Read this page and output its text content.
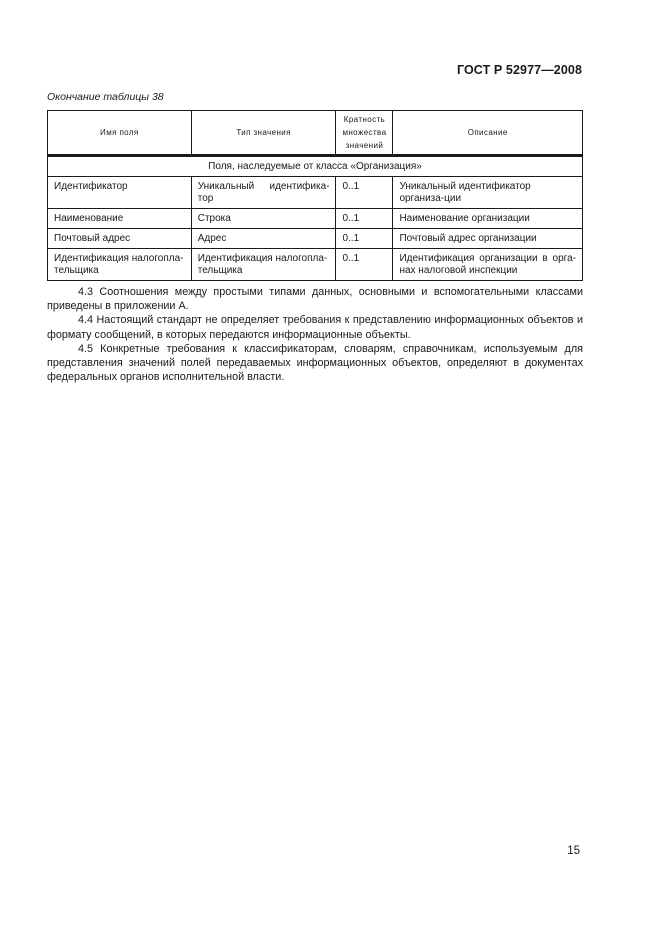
ГОСТ Р 52977—2008
Окончание таблицы 38
Имя поля	Тип значения	Кратность множества значений	Описание

Поля, наследуемые от класса «Организация»			
Идентификатор	Уникальный идентифика-тор	0..1	Уникальный идентификатор организа-ции
Наименование	Строка	0..1	Наименование организации
Почтовый адрес	Адрес	0..1	Почтовый адрес организации
Идентификация налогопла-тельщика	Идентификация налогопла-тельщика	0..1	Идентификация организации в орга-нах налоговой инспекции

4.3 Соотношения между простыми типами данных, основными и вспомогательными классами приведены в приложении А.

4.4 Настоящий стандарт не определяет требования к представлению информационных объектов и формату сообщений, в которых передаются информационные объекты.

4.5 Конкретные требования к классификаторам, словарям, справочникам, используемым для представления значений полей передаваемых информационных объектов, определяют в документах федеральных органов исполнительной власти.

15
